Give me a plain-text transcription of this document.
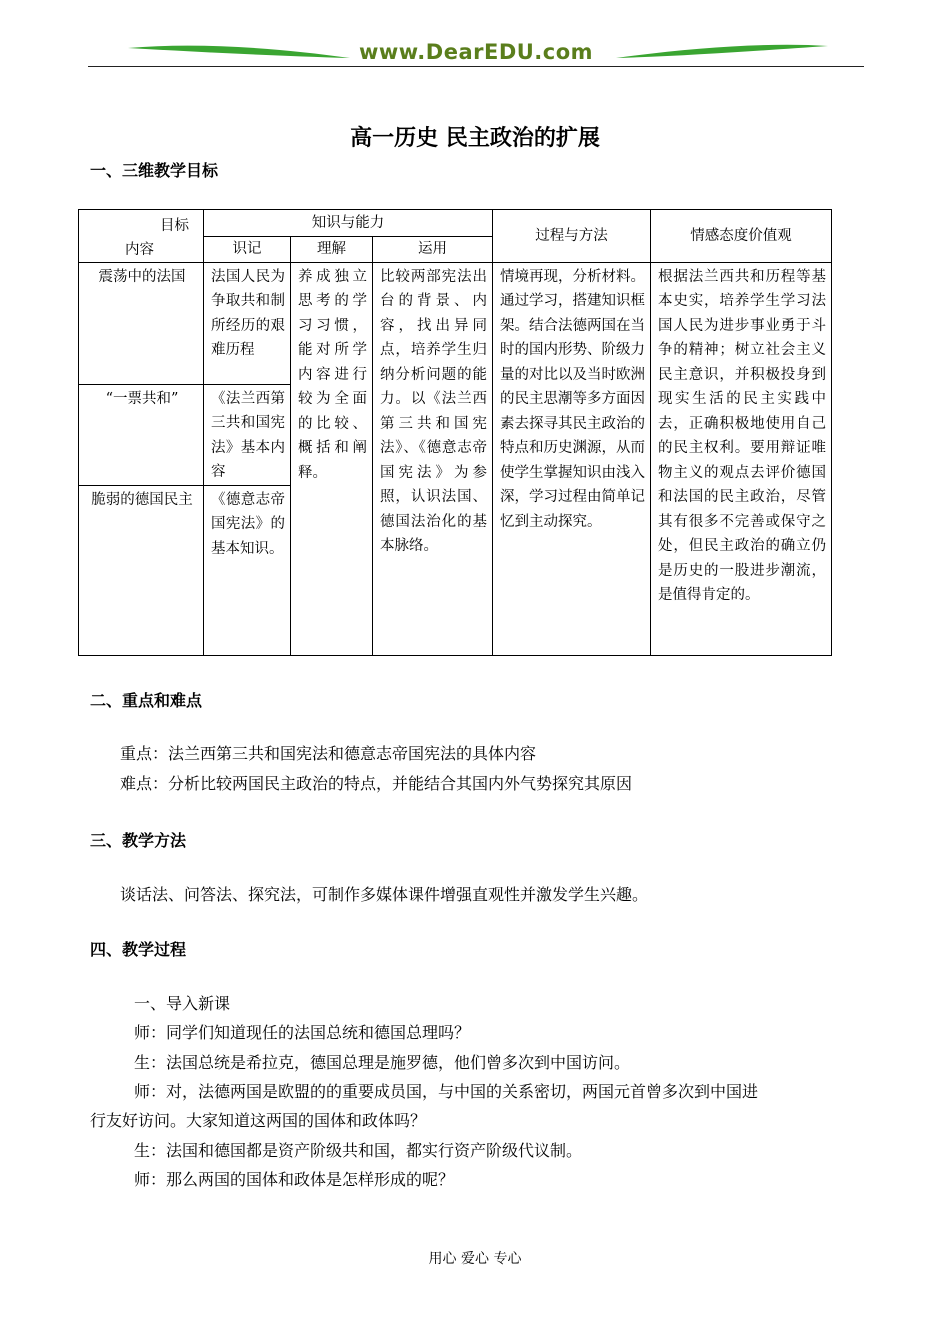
www.DearEDU.com
高一历史 民主政治的扩展
一、三维教学目标
目标
内容	知识与能力			过程与方法	情感态度价值观
	识记	理解	运用		
震荡中的法国	法国人民为争取共和制所经历的艰难历程	养成独立思考的学习习惯，能对所学内容进行较为全面的比较、概括和阐释。	比较两部宪法出台的背景、内容，找出异同点，培养学生归纳分析问题的能力。以《法兰西第三共和国宪法》、《德意志帝国宪法》为参照，认识法国、德国法治化的基本脉络。	情境再现，分析材料。
通过学习，搭建知识框架。结合法德两国在当时的国内形势、阶级力量的对比以及当时欧洲的民主思潮等多方面因素去探寻其民主政治的特点和历史渊源，从而使学生掌握知识由浅入深，学习过程由简单记忆到主动探究。	根据法兰西共和历程等基本史实，培养学生学习法国人民为进步事业勇于斗争的精神；树立社会主义民主意识，并积极投身到现实生活的民主实践中去，正确积极地使用自己的民主权利。要用辩证唯物主义的观点去评价德国和法国的民主政治，尽管其有很多不完善或保守之处，但民主政治的确立仍是历史的一股进步潮流，是值得肯定的。
“一票共和”	《法兰西第三共和国宪法》基本内容				
脆弱的德国民主	《德意志帝国宪法》的基本知识。				
二、重点和难点
重点：法兰西第三共和国宪法和德意志帝国宪法的具体内容
难点：分析比较两国民主政治的特点，并能结合其国内外气势探究其原因
三、教学方法
谈话法、问答法、探究法，可制作多媒体课件增强直观性并激发学生兴趣。
四、教学过程
一、导入新课
师：同学们知道现任的法国总统和德国总理吗？
生：法国总统是希拉克，德国总理是施罗德，他们曾多次到中国访问。
师：对，法德两国是欧盟的的重要成员国，与中国的关系密切，两国元首曾多次到中国进
行友好访问。大家知道这两国的国体和政体吗？
生：法国和德国都是资产阶级共和国，都实行资产阶级代议制。
师：那么两国的国体和政体是怎样形成的呢？
用心 爱心 专心
